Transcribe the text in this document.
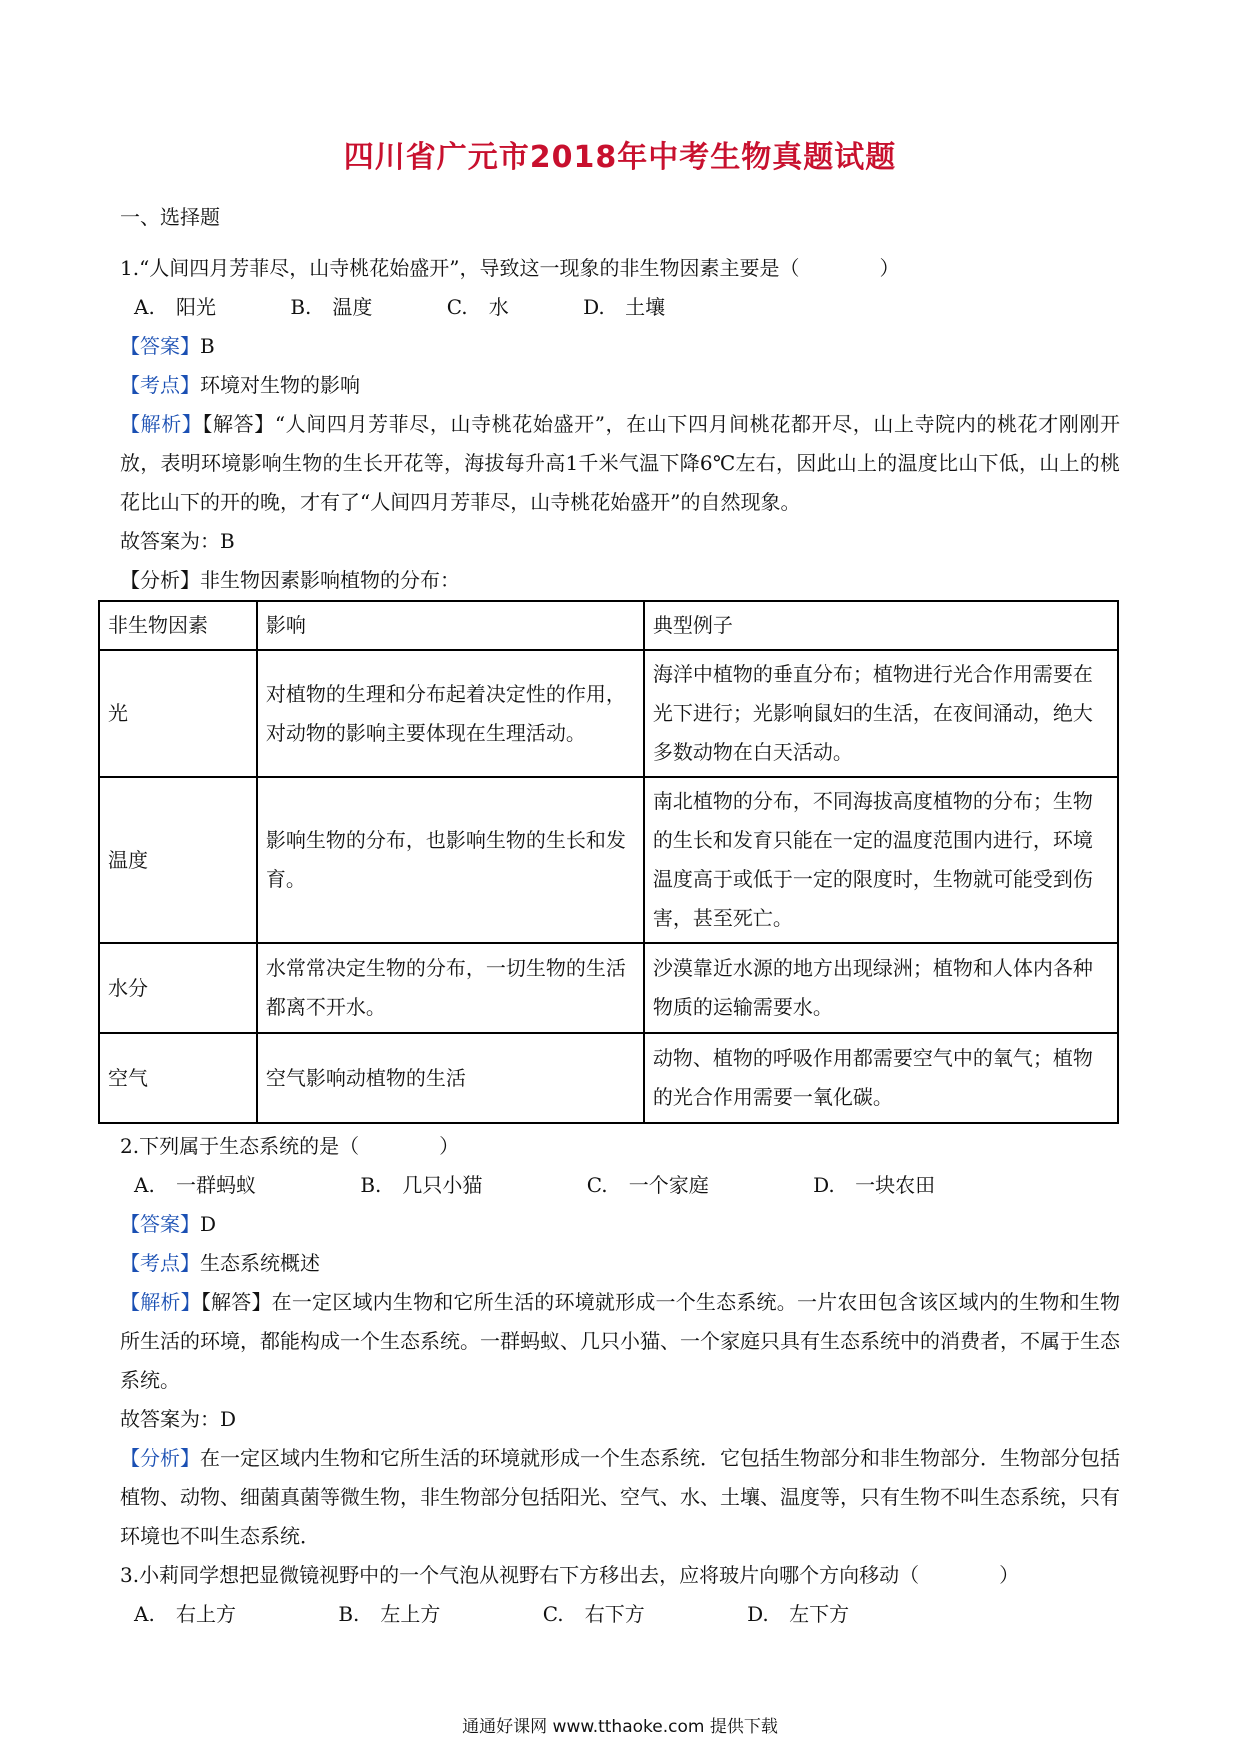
四川省广元市2018年中考生物真题试题
一、选择题
1.“人间四月芳菲尽，山寺桃花始盛开”，导致这一现象的非生物因素主要是（　　　　）
A. 阳光	B. 温度	C. 水	D. 土壤
【答案】B
【考点】环境对生物的影响
【解析】【解答】“人间四月芳菲尽，山寺桃花始盛开”，在山下四月间桃花都开尽，山上寺院内的桃花才刚刚开放，表明环境影响生物的生长开花等，海拔每升高1千米气温下降6℃左右，因此山上的温度比山下低，山上的桃花比山下的开的晚，才有了“人间四月芳菲尽，山寺桃花始盛开”的自然现象。
故答案为：B
【分析】非生物因素影响植物的分布：
非生物因素	影响	典型例子
光	对植物的生理和分布起着决定性的作用，对动物的影响主要体现在生理活动。	海洋中植物的垂直分布；植物进行光合作用需要在光下进行；光影响鼠妇的生活，在夜间涌动，绝大多数动物在白天活动。
温度	影响生物的分布，也影响生物的生长和发育。	南北植物的分布，不同海拔高度植物的分布；生物的生长和发育只能在一定的温度范围内进行，环境温度高于或低于一定的限度时，生物就可能受到伤害，甚至死亡。
水分	水常常决定生物的分布，一切生物的生活都离不开水。	沙漠靠近水源的地方出现绿洲；植物和人体内各种物质的运输需要水。
空气	空气影响动植物的生活	动物、植物的呼吸作用都需要空气中的氧气；植物的光合作用需要一氧化碳。
2.下列属于生态系统的是（　　　　）
A. 一群蚂蚁	B. 几只小猫	C. 一个家庭	D. 一块农田
【答案】D
【考点】生态系统概述
【解析】【解答】在一定区域内生物和它所生活的环境就形成一个生态系统。一片农田包含该区域内的生物和生物所生活的环境，都能构成一个生态系统。一群蚂蚁、几只小猫、一个家庭只具有生态系统中的消费者，不属于生态系统。
故答案为：D
【分析】在一定区域内生物和它所生活的环境就形成一个生态系统．它包括生物部分和非生物部分．生物部分包括植物、动物、细菌真菌等微生物，非生物部分包括阳光、空气、水、土壤、温度等，只有生物不叫生态系统，只有环境也不叫生态系统．
3.小莉同学想把显微镜视野中的一个气泡从视野右下方移出去，应将玻片向哪个方向移动（　　　　）
A. 右上方	B. 左上方	C. 右下方	D. 左下方
通通好课网 www.tthaoke.com 提供下载
